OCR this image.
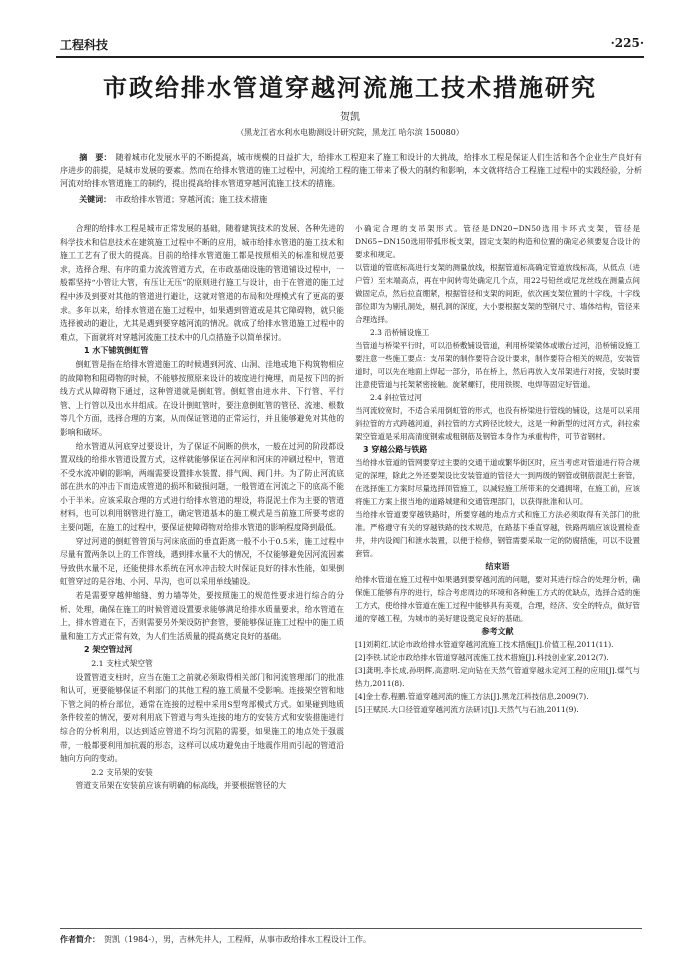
工程科技	·225·
市政给排水管道穿越河流施工技术措施研究
贺凯
（黑龙江省水利水电勘测设计研究院，黑龙江 哈尔滨 150080）
摘　要： 随着城市化发展水平的不断提高，城市规模的日益扩大，给排水工程迎来了施工和设计的大挑战，给排水工程是保证人们生活和各个企业生产良好有序进步的前提，是城市发展的要素。然而在给排水管道的施工过程中，河流给工程的施工带来了极大的制约和影响，本文就将结合工程施工过程中的实践经验，分析河流对给排水管道施工的制约，提出提高给排水管道穿越河流施工技术的措施。
关键词： 市政给排水管道；穿越河流；施工技术措施

合理的给排水工程是城市正常发展的基础，随着建筑技术的发展、各种先进的科学技术和信息技术在建筑施工过程中不断的应用，城市给排水管道的施工技术和施工工艺有了很大的提高。目前的给排水管道施工都是按照相关的标准和规范要求，选择合理、有序的重力流流管道方式，在市政基础设施的管道铺设过程中，一般都坚持“小管让大管，有压让无压”的原则进行施工与设计，由于在管道的施工过程中涉及到要对其他的管道进行避让，这就对管道的布局和处理模式有了更高的要求。多年以来，给排水管道在施工过程中，如果遇到管道或是其它障碍物，就只能选择被动的避让，尤其是遇到要穿越河流的情况。就成了给排水管道施工过程中的难点，下面就将对穿越河流施工技术中的几点措施予以简单探讨。

1 水下铺筑倒虹管

倒虹管是指在给排水管道施工的时候遇到河流、山洞、洼地或地下构筑物相应的故障物和阻碍物的时候，不能够按照原来设计的坡度进行掩埋，而是按下凹的折线方式从障碍物下通过，这种管道就是倒虹管。倒虹管由进水井、下行管、平行管、上行管以及出水井组成。在设计倒虹管时，要注意倒虹管的管径、流速、根数等几个方面，选择合理的方案，从而保证管道的正常运行，并且能够避免对其他的影响和破坏。

给水管道从河底穿过要设计，为了保证不间断的供水，一般在过河的阶段都设置双线的给排水管道设置方式，这样就能够保证在河岸和河床的冲刷过程中，管道不受水流冲刷的影响，两端需要设置排水装置、排气阀、阀门井。为了防止河流底部在洪水的冲击下而造成管道的损坏和破损问题，一般管道在河流之下的底高不能小于半米。应该采取合理的方式进行给排水管道的埋设，将混泥土作为主要的管道材料，也可以利用钢管进行施工，确定管道基本的施工模式是当前施工所要考虑的主要问题，在施工的过程中，要保证使障碍物对给排水管道的影响程度降到最低。

穿过河道的倒虹管管顶与河床底面的垂直距离一般不小于0.5米，施工过程中尽量有置两条以上的工作管线，遇到排水量不大的情况，不仅能够避免因河流因素导致供水量不足，还能使排水系统在河水冲击较大时保证良好的排水性能，如果倒虹管穿过的是谷地、小河、旱沟，也可以采用单线铺设。

若是需要穿越伸缩缝、剪力墙等处，要按照施工的规范性要求进行综合的分析、处理，确保在施工的时候管道设置要求能够满足给排水质量要求，给水管道在上，排水管道在下，否则需要另外架设防护套管，要能够保证施工过程中的施工质量和施工方式正常有效，为人们生活质量的提高奠定良好的基础。

2 架空管过河

2.1 支柱式架空管

设置管道支柱时，应当在施工之前就必须取得相关部门和河流管理部门的批准和认可，更要能够保证不利部门的其他工程的施工质量不受影响。连接架空管和地下管之间的桥台部位，通常在连接的过程中采用S型弯部模式方式。如果碰到地质条件较差的情况，要对利用底下管道与弯头连接的地方的安装方式和安装措施进行综合的分析利用，以达到适应管道不均匀沉陷的需要，如果施工的地点处于强震带，一般都要利用加抗震的形态，这样可以成功避免由于地震作用而引起的管道沿轴向方向的变动。

2.2 支吊架的安装

管道支吊架在安装前应该有明确的标高线，并要根据管径的大

小确定合理的支吊架形式。管径是DN20~DN50选用卡环式支架，管径是DN65~DN150选用带弧形板支架，固定支架的构造和位置的确定必须要复合设计的要求和规定。

以管道的管底标高进行支架的测量放线，根据管道标高确定管道放线标高，从低点（进户管）至末端高点，再在中间转弯处确定几个点，用22号铅丝或尼龙丝线在测量点间做固定点，然后拉直绷紧，根据管径和支架的间距，依次画支架位置的十字线，十字线部位即为为剔孔洞处，剔孔洞的深度，大小要根据支架的型钢尺寸、墙体结构，管径来合理选择。

2.3 沿桥铺设施工

当管道与桥梁平行时，可以沿桥敷铺设管道，利用桥梁梁体或墩台过河，沿桥铺设施工要注意一些施工要点：支吊架的制作要符合设计要求，制作要符合相关的规范，安装管道时，可以先在地面上焊起一部分，吊在桥上，然后再放入支吊架进行对接，安装时要注意使管道与托架紧密接触。旋紧螺钉，使用铁锲、电焊等固定好管道。

2.4 斜拉管过河

当河流较宽时，不适合采用倒虹管的形式，也没有桥梁进行管线的铺设，这是可以采用斜拉管的方式跨越河道，斜拉管的方式跨径比较大，这是一种新型的过河方式，斜拉索架空管道是采用高清度钢索或粗钢筋及钢管本身作为承重构件，可节省钢材。

3 穿越公路与铁路

当给排水管道的管网要穿过主要的交通干道或繁华街区时，应当考虑对管道进行符合规定的深埋，除此之外还要架设比安装管道的管径大一到两级的钢管或钢筋混泥土套管，在选择施工方案时尽量选择顶管施工，以减轻施工所带来的交通拥堵，在施工前，应该将施工方案上报当地的道路城建和交通管理部门，以获得批准和认可。

当给排水管道要穿越铁路时，所要穿越的地点方式和施工方法必须取得有关部门的批准。严格遵守有关的穿越铁路的技术规范，在路基下垂直穿越，铁路两端应该设置检查井，井内设阀门和泄水装置，以便于检修，钢管需要采取一定的防腐措施，可以不设置套管。

结束语

给排水管道在施工过程中如果遇到要穿越河流的问题，要对其进行综合的处理分析，确保施工能够有序的进行，综合考虑周边的环境和各种施工方式的优缺点，选择合适的施工方式，使给排水管道在施工过程中能够具有美观，合理，经济、安全的特点，做好管道的穿越工程，为城市的美好建设奠定良好的基础。

参考文献

[1]刘莉红.试论市政给排水管道穿越河流施工技术措施[J].价值工程,2011(11).

[2]李铁.试论市政给排水管道穿越河流施工技术措施[J].科技创业家,2012(7).

[3]龚明,李长成,孙明辉,高意明.定向钻在天然气管道穿越永定河工程的应用[J].煤气与热力,2011(8).

[4]金士春,程鹏.管道穿越河流的施工方法[J].黑龙江科技信息,2009(7).

[5]王赋民.大口径管道穿越河流方法研讨[J].天然气与石油,2011(9).

作者简介： 贺凯（1984-），男，吉林先井人，工程师，从事市政给排水工程设计工作。
